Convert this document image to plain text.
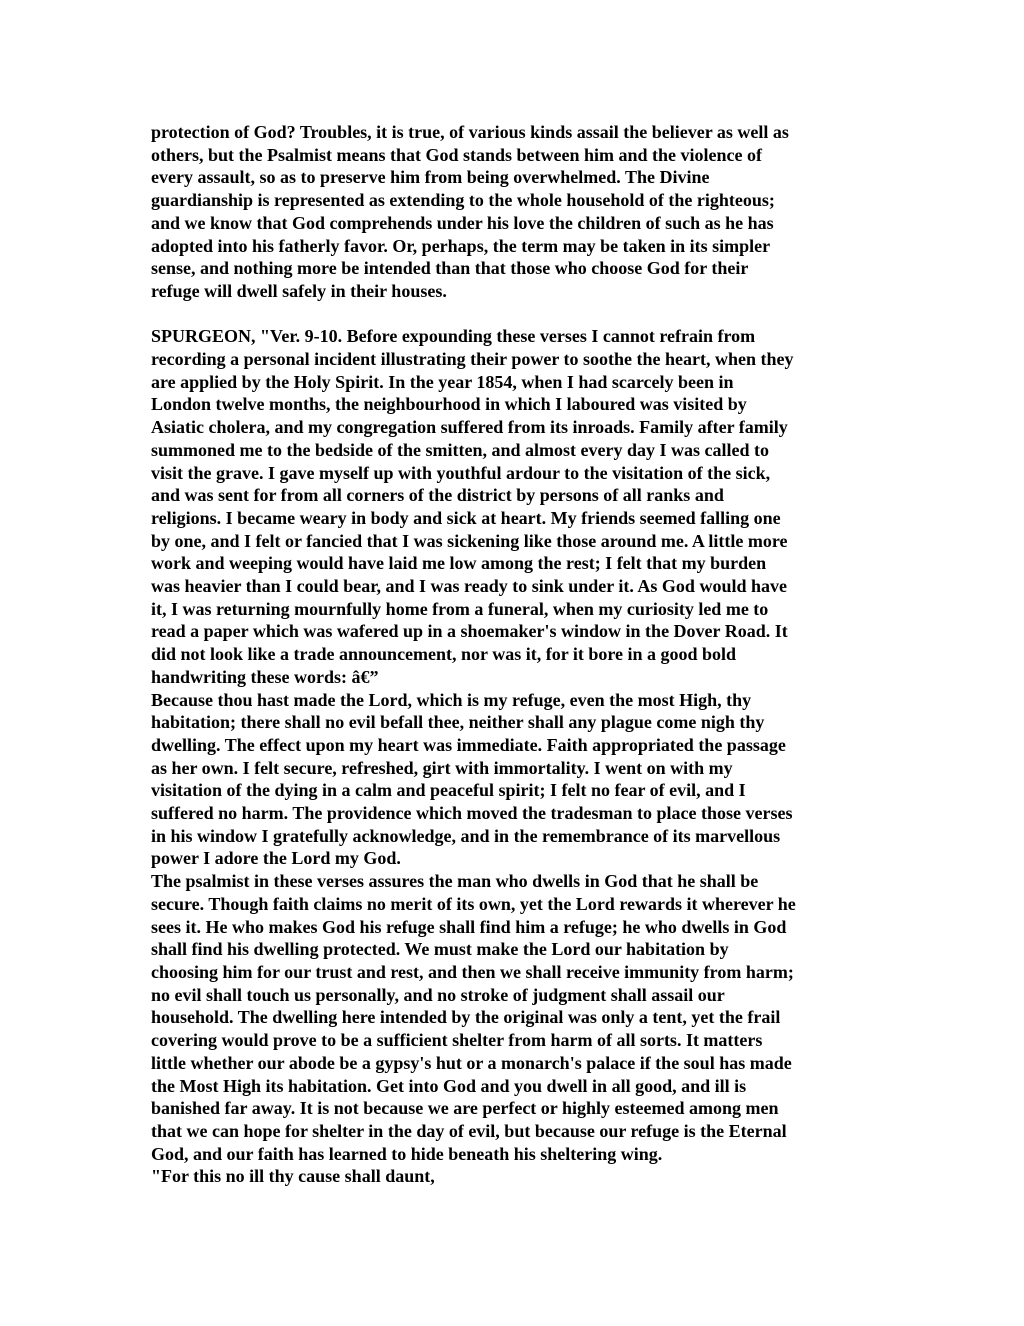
protection of God? Troubles, it is true, of various kinds assail the believer as well as
others, but the Psalmist means that God stands between him and the violence of
every assault, so as to preserve him from being overwhelmed. The Divine
guardianship is represented as extending to the whole household of the righteous;
and we know that God comprehends under his love the children of such as he has
adopted into his fatherly favor. Or, perhaps, the term may be taken in its simpler
sense, and nothing more be intended than that those who choose God for their
refuge will dwell safely in their houses.
SPURGEON, "Ver. 9-10. Before expounding these verses I cannot refrain from
recording a personal incident illustrating their power to soothe the heart, when they
are applied by the Holy Spirit. In the year 1854, when I had scarcely been in
London twelve months, the neighbourhood in which I laboured was visited by
Asiatic cholera, and my congregation suffered from its inroads. Family after family
summoned me to the bedside of the smitten, and almost every day I was called to
visit the grave. I gave myself up with youthful ardour to the visitation of the sick,
and was sent for from all corners of the district by persons of all ranks and
religions. I became weary in body and sick at heart. My friends seemed falling one
by one, and I felt or fancied that I was sickening like those around me. A little more
work and weeping would have laid me low among the rest; I felt that my burden
was heavier than I could bear, and I was ready to sink under it. As God would have
it, I was returning mournfully home from a funeral, when my curiosity led me to
read a paper which was wafered up in a shoemaker's window in the Dover Road. It
did not look like a trade announcement, nor was it, for it bore in a good bold
handwriting these words: â€”
Because thou hast made the Lord, which is my refuge, even the most High, thy
habitation; there shall no evil befall thee, neither shall any plague come nigh thy
dwelling. The effect upon my heart was immediate. Faith appropriated the passage
as her own. I felt secure, refreshed, girt with immortality. I went on with my
visitation of the dying in a calm and peaceful spirit; I felt no fear of evil, and I
suffered no harm. The providence which moved the tradesman to place those verses
in his window I gratefully acknowledge, and in the remembrance of its marvellous
power I adore the Lord my God.
The psalmist in these verses assures the man who dwells in God that he shall be
secure. Though faith claims no merit of its own, yet the Lord rewards it wherever he
sees it. He who makes God his refuge shall find him a refuge; he who dwells in God
shall find his dwelling protected. We must make the Lord our habitation by
choosing him for our trust and rest, and then we shall receive immunity from harm;
no evil shall touch us personally, and no stroke of judgment shall assail our
household. The dwelling here intended by the original was only a tent, yet the frail
covering would prove to be a sufficient shelter from harm of all sorts. It matters
little whether our abode be a gypsy's hut or a monarch's palace if the soul has made
the Most High its habitation. Get into God and you dwell in all good, and ill is
banished far away. It is not because we are perfect or highly esteemed among men
that we can hope for shelter in the day of evil, but because our refuge is the Eternal
God, and our faith has learned to hide beneath his sheltering wing.
"For this no ill thy cause shall daunt,
